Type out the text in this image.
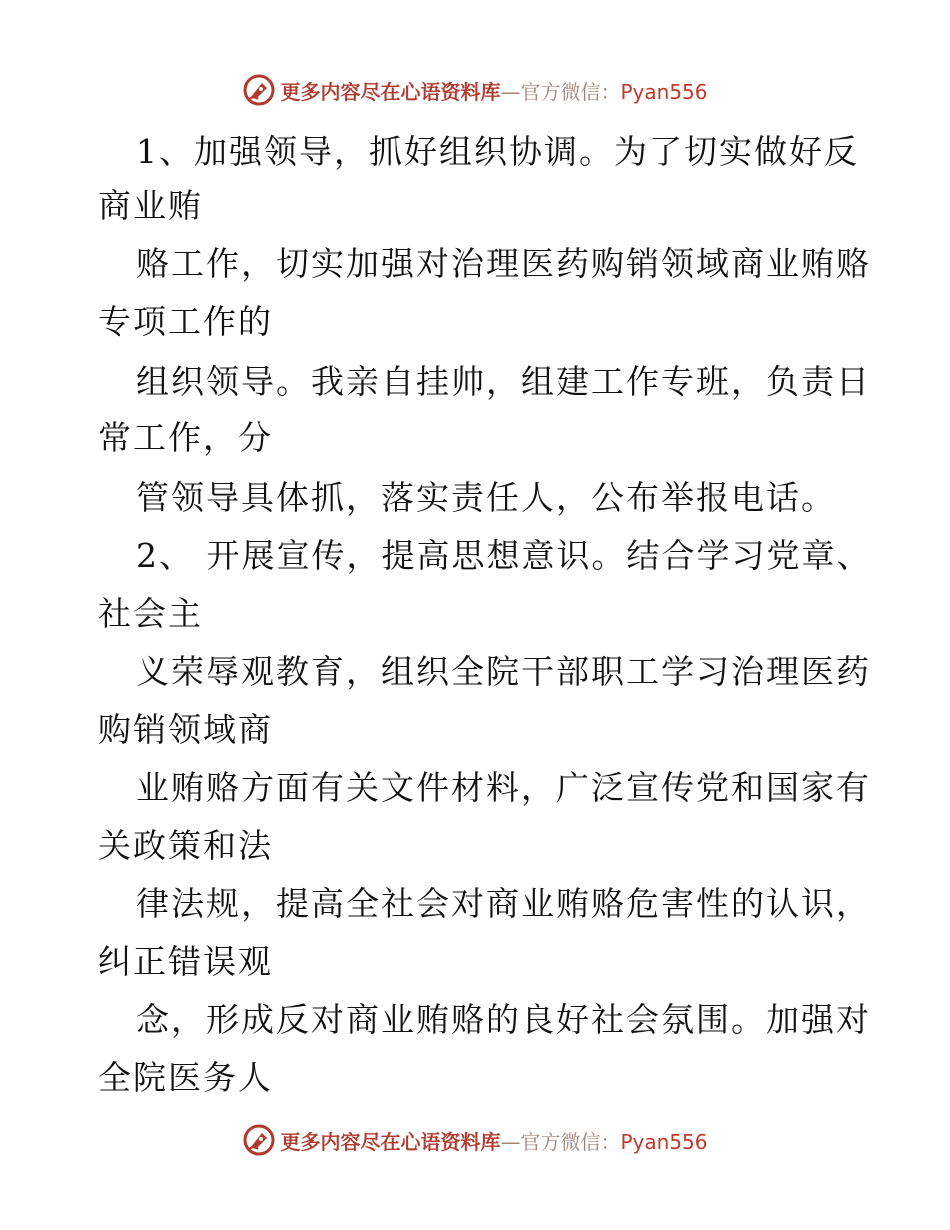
更多内容尽在心语资料库—官方微信：Pyan556
1、加强领导，抓好组织协调。为了切实做好反
商业贿
赂工作，切实加强对治理医药购销领域商业贿赂
专项工作的
组织领导。我亲自挂帅，组建工作专班，负责日
常工作，分
管领导具体抓，落实责任人，公布举报电话。
2、 开展宣传，提高思想意识。结合学习党章、
社会主
义荣辱观教育，组织全院干部职工学习治理医药
购销领域商
业贿赂方面有关文件材料，广泛宣传党和国家有
关政策和法
律法规，提高全社会对商业贿赂危害性的认识，
纠正错误观
念，形成反对商业贿赂的良好社会氛围。加强对
全院医务人
更多内容尽在心语资料库—官方微信：Pyan556
